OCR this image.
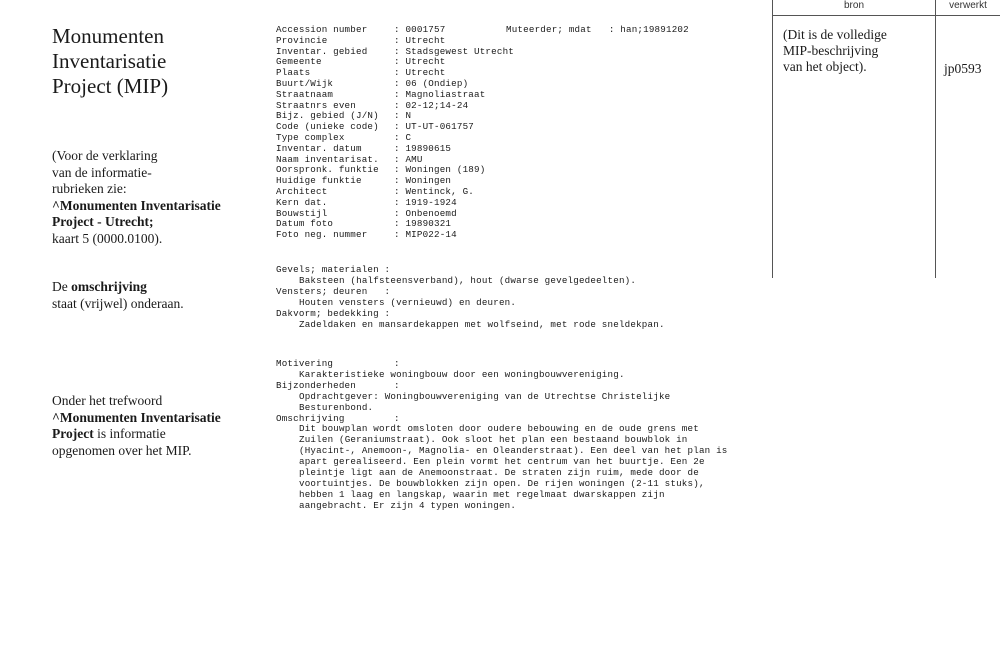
Monumenten
Inventarisatie
Project (MIP)
(Voor de verklaring
van de informatie-
rubrieken zie:
^Monumenten Inventarisatie
Project - Utrecht;
kaart 5 (0000.0100).
De omschrijving
staat (vrijwel) onderaan.
Onder het trefwoord
^Monumenten Inventarisatie
Project is informatie
opgenomen over het MIP.
Accession number	: 0001757
Provincie	: Utrecht
Inventar. gebied	: Stadsgewest Utrecht
Gemeente	: Utrecht
Plaats	: Utrecht
Buurt/Wijk	: 06 (Ondiep)
Straatnaam	: Magnoliastraat
Straatnrs even	: 02-12;14-24
Bijz. gebied (J/N) : N
Code (unieke code) : UT-UT-061757
Type complex	: C
Inventar. datum	: 19890615
Naam inventarisat. : AMU
Oorspronk. funktie : Woningen (189)
Huidige funktie	: Woningen
Architect	: Wentinck, G.
Kern dat.	: 1919-1924
Bouwstijl	: Onbenoemd
Datum foto	: 19890321
Foto neg. nummer	: MIP022-14
Muteerder; mdat   : han;19891202
Gevels; materialen :
Baksteen (halfsteensverband), hout (dwarse gevelgedeelten).
Vensters; deuren   :
Houten vensters (vernieuwd) en deuren.
Dakvorm; bedekking :
Zadeldaken en mansardekappen met wolfseind, met rode sneldekpan.
Motivering	:
Karakteristieke woningbouw door een woningbouwvereniging.
Bijzonderheden	:
Opdrachtgever: Woningbouwvereniging van de Utrechtse Christelijke
Besturenbond.
Omschrijving	:
Dit bouwplan wordt omsloten door oudere bebouwing en de oude grens met
Zuilen (Geraniumstraat). Ook sloot het plan een bestaand bouwblok in
(Hyacint-, Anemoon-, Magnolia- en Oleanderstraat). Een deel van het plan is
apart gerealiseerd. Een plein vormt het centrum van het buurtje. Een 2e
pleintje ligt aan de Anemoonstraat. De straten zijn ruim, mede door de
voortuintjes. De bouwblokken zijn open. De rijen woningen (2-11 stuks),
hebben 1 laag en langskap, waarin met regelmaat dwarskappen zijn
aangebracht. Er zijn 4 typen woningen.
bron	verwerkt
(Dit is de volledige
MIP-beschrijving
van het object).	jp0593
